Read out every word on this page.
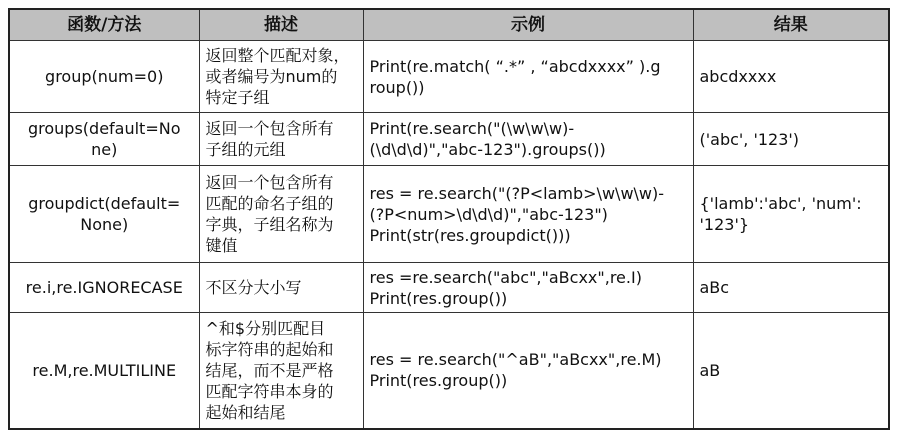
函数/方法	描述	示例	结果

group(num=0)	返回整个匹配对象，
或者编号为num的
特定子组	Print(re.match( “.*” , “abcdxxxx” ).g
roup())	abcdxxxx

groups(default=No
ne)	返回一个包含所有
子组的元组	Print(re.search("(\w\w\w)-
(\d\d\d)","abc-123").groups())	('abc', '123')

groupdict(default=
None)	返回一个包含所有
匹配的命名子组的
字典，子组名称为
键值	res = re.search("(?P<lamb>\w\w\w)-
(?P<num>\d\d\d)","abc-123")
Print(str(res.groupdict()))	{'lamb':'abc', 'num':
'123'}

re.i,re.IGNORECASE	不区分大小写	res =re.search("abc","aBcxx",re.I)
Print(res.group())	aBc

re.M,re.MULTILINE	^和$分别匹配目
标字符串的起始和
结尾，而不是严格
匹配字符串本身的
起始和结尾	res = re.search("^aB","aBcxx",re.M)
Print(res.group())	aB
